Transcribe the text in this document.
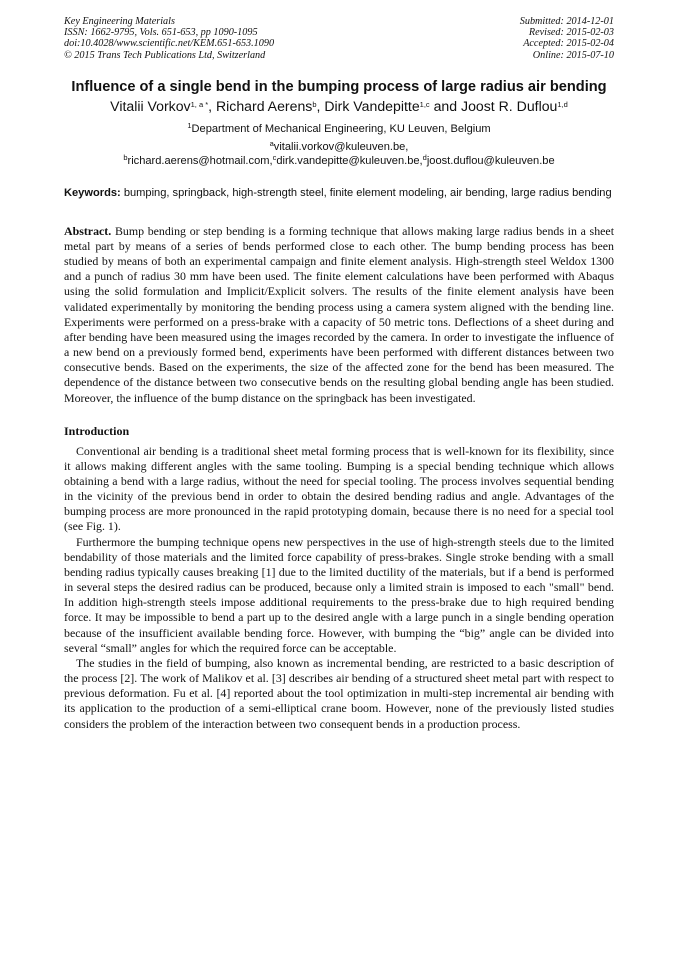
Key Engineering Materials
ISSN: 1662-9795, Vols. 651-653, pp 1090-1095
doi:10.4028/www.scientific.net/KEM.651-653.1090
© 2015 Trans Tech Publications Ltd, Switzerland
Submitted: 2014-12-01
Revised: 2015-02-03
Accepted: 2015-02-04
Online: 2015-07-10
Influence of a single bend in the bumping process of large radius air bending
Vitalii Vorkov$^{1, a *}$, Richard Aerens$^b$, Dirk Vandepitte$^{1,c}$ and Joost R. Duflou$^{1,d}$
$^1$Department of Mechanical Engineering, KU Leuven, Belgium
$^a$vitalii.vorkov@kuleuven.be,
$^b$richard.aerens@hotmail.com,$^c$dirk.vandepitte@kuleuven.be,$^d$joost.duflou@kuleuven.be
Keywords: bumping, springback, high-strength steel, finite element modeling, air bending, large radius bending
Abstract. Bump bending or step bending is a forming technique that allows making large radius bends in a sheet metal part by means of a series of bends performed close to each other. The bump bending process has been studied by means of both an experimental campaign and finite element analysis. High-strength steel Weldox 1300 and a punch of radius 30 mm have been used. The finite element calculations have been performed with Abaqus using the solid formulation and Implicit/Explicit solvers. The results of the finite element analysis have been validated experimentally by monitoring the bending process using a camera system aligned with the bending line. Experiments were performed on a press-brake with a capacity of 50 metric tons. Deflections of a sheet during and after bending have been measured using the images recorded by the camera. In order to investigate the influence of a new bend on a previously formed bend, experiments have been performed with different distances between two consecutive bends. Based on the experiments, the size of the affected zone for the bend has been measured. The dependence of the distance between two consecutive bends on the resulting global bending angle has been studied. Moreover, the influence of the bump distance on the springback has been investigated.
Introduction
Conventional air bending is a traditional sheet metal forming process that is well-known for its flexibility, since it allows making different angles with the same tooling. Bumping is a special bending technique which allows obtaining a bend with a large radius, without the need for special tooling. The process involves sequential bending in the vicinity of the previous bend in order to obtain the desired bending radius and angle. Advantages of the bumping process are more pronounced in the rapid prototyping domain, because there is no need for a special tool (see Fig. 1).
Furthermore the bumping technique opens new perspectives in the use of high-strength steels due to the limited bendability of those materials and the limited force capability of press-brakes. Single stroke bending with a small bending radius typically causes breaking [1] due to the limited ductility of the materials, but if a bend is performed in several steps the desired radius can be produced, because only a limited strain is imposed to each "small" bend. In addition high-strength steels impose additional requirements to the press-brake due to high required bending force. It may be impossible to bend a part up to the desired angle with a large punch in a single bending operation because of the insufficient available bending force. However, with bumping the “big” angle can be divided into several “small” angles for which the required force can be acceptable.
The studies in the field of bumping, also known as incremental bending, are restricted to a basic description of the process [2]. The work of Malikov et al. [3] describes air bending of a structured sheet metal part with respect to previous deformation. Fu et al. [4] reported about the tool optimization in multi-step incremental air bending with its application to the production of a semi-elliptical crane boom. However, none of the previously listed studies considers the problem of the interaction between two consequent bends in a production process.
